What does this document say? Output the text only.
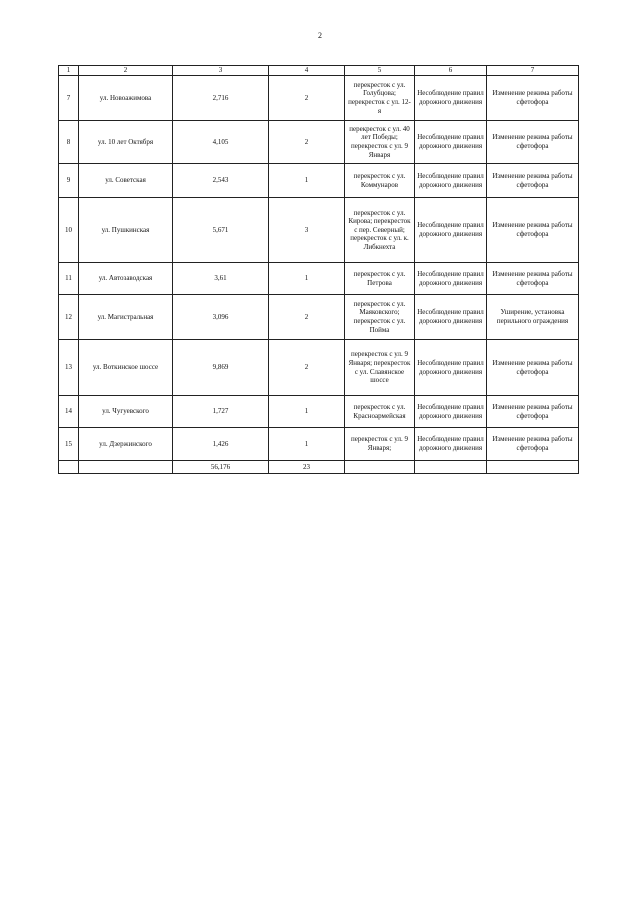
2
1	2	3	4	5	6	7
7	ул. Новоажимова	2,716	2	перекресток с ул. Голубцова; перекресток с ул. 12-я	Несоблюдение правил дорожного движения	Изменение режима работы сфетофора
8	ул. 10 лет Октября	4,105	2	перекресток с ул. 40 лет Победы; перекресток с ул. 9 Января	Несоблюдение правил дорожного движения	Изменение режима работы сфетофора
9	ул. Советская	2,543	1	перекресток с ул. Коммунаров	Несоблюдение правил дорожного движения	Изменение режима работы сфетофора
10	ул. Пушкинская	5,671	3	перекресток с ул. Кирова; перекресток с пер. Северный; перекресток с ул. к. Либкнехта	Несоблюдение правил дорожного движения	Изменение режима работы сфетофора
11	ул. Автозаводская	3,61	1	перекресток с ул. Петрова	Несоблюдение правил дорожного движения	Изменение режима работы сфетофора
12	ул. Магистральная	3,096	2	перекресток с ул. Маяковского; перекресток с ул. Пойма	Несоблюдение правил дорожного движения	Уширение, установка перильного ограждения
13	ул. Воткинское шоссе	9,869	2	перекресток с ул. 9 Января; перекресток с ул. Славянское шоссе	Несоблюдение правил дорожного движения	Изменение режима работы сфетофора
14	ул. Чугуевского	1,727	1	перекресток с ул. Красноармейская	Несоблюдение правил дорожного движения	Изменение режима работы сфетофора
15	ул. Дзержинского	1,426	1	перекресток с ул. 9 Января;	Несоблюдение правил дорожного движения	Изменение режима работы сфетофора
		56,176	23			
